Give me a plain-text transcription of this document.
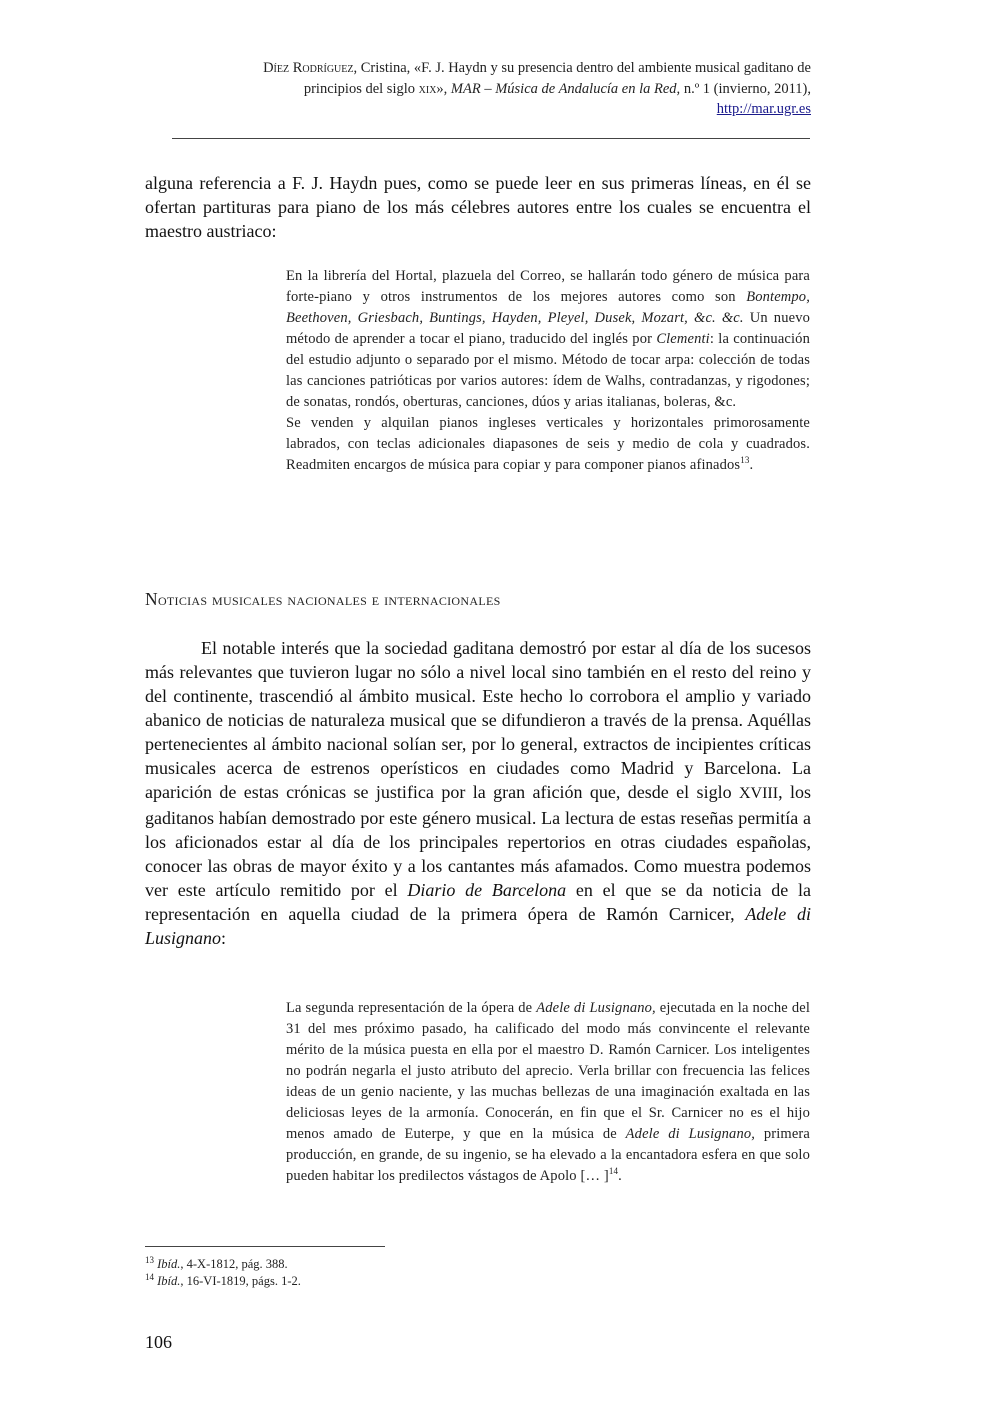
Díez Rodríguez, Cristina, «F. J. Haydn y su presencia dentro del ambiente musical gaditano de
principios del siglo xix», MAR – Música de Andalucía en la Red, n.º 1 (invierno, 2011),
http://mar.ugr.es
alguna referencia a F. J. Haydn pues, como se puede leer en sus primeras líneas, en él se ofertan partituras para piano de los más célebres autores entre los cuales se encuentra el maestro austriaco:

En la librería del Hortal, plazuela del Correo, se hallarán todo género de música para forte-piano y otros instrumentos de los mejores autores como son Bontempo, Beethoven, Griesbach, Buntings, Hayden, Pleyel, Dusek, Mozart, &c. &c. Un nuevo método de aprender a tocar el piano, traducido del inglés por Clementi: la continuación del estudio adjunto o separado por el mismo. Método de tocar arpa: colección de todas las canciones patrióticas por varios autores: ídem de Walhs, contradanzas, y rigodones; de sonatas, rondós, oberturas, canciones, dúos y arias italianas, boleras, &c.

Se venden y alquilan pianos ingleses verticales y horizontales primorosamente labrados, con teclas adicionales diapasones de seis y medio de cola y cuadrados. Readmiten encargos de música para copiar y para componer pianos afinados$^{13}$.

Noticias musicales nacionales e internacionales
El notable interés que la sociedad gaditana demostró por estar al día de los sucesos más relevantes que tuvieron lugar no sólo a nivel local sino también en el resto del reino y del continente, trascendió al ámbito musical. Este hecho lo corrobora el amplio y variado abanico de noticias de naturaleza musical que se difundieron a través de la prensa. Aquéllas pertenecientes al ámbito nacional solían ser, por lo general, extractos de incipientes críticas musicales acerca de estrenos operísticos en ciudades como Madrid y Barcelona. La aparición de estas crónicas se justifica por la gran afición que, desde el siglo XVIII, los gaditanos habían demostrado por este género musical. La lectura de estas reseñas permitía a los aficionados estar al día de los principales repertorios en otras ciudades españolas, conocer las obras de mayor éxito y a los cantantes más afamados. Como muestra podemos ver este artículo remitido por el Diario de Barcelona en el que se da noticia de la representación en aquella ciudad de la primera ópera de Ramón Carnicer, Adele di Lusignano:
La segunda representación de la ópera de Adele di Lusignano, ejecutada en la noche del 31 del mes próximo pasado, ha calificado del modo más convincente el relevante mérito de la música puesta en ella por el maestro D. Ramón Carnicer. Los inteligentes no podrán negarla el justo atributo del aprecio. Verla brillar con frecuencia las felices ideas de un genio naciente, y las muchas bellezas de una imaginación exaltada en las deliciosas leyes de la armonía. Conocerán, en fin que el Sr. Carnicer no es el hijo menos amado de Euterpe, y que en la música de Adele di Lusignano, primera producción, en grande, de su ingenio, se ha elevado a la encantadora esfera en que solo pueden habitar los predilectos vástagos de Apolo [… ]$^{14}$.
$^{13}$ Ibíd., 4-X-1812, pág. 388.
$^{14}$ Ibíd., 16-VI-1819, págs. 1-2.
106
